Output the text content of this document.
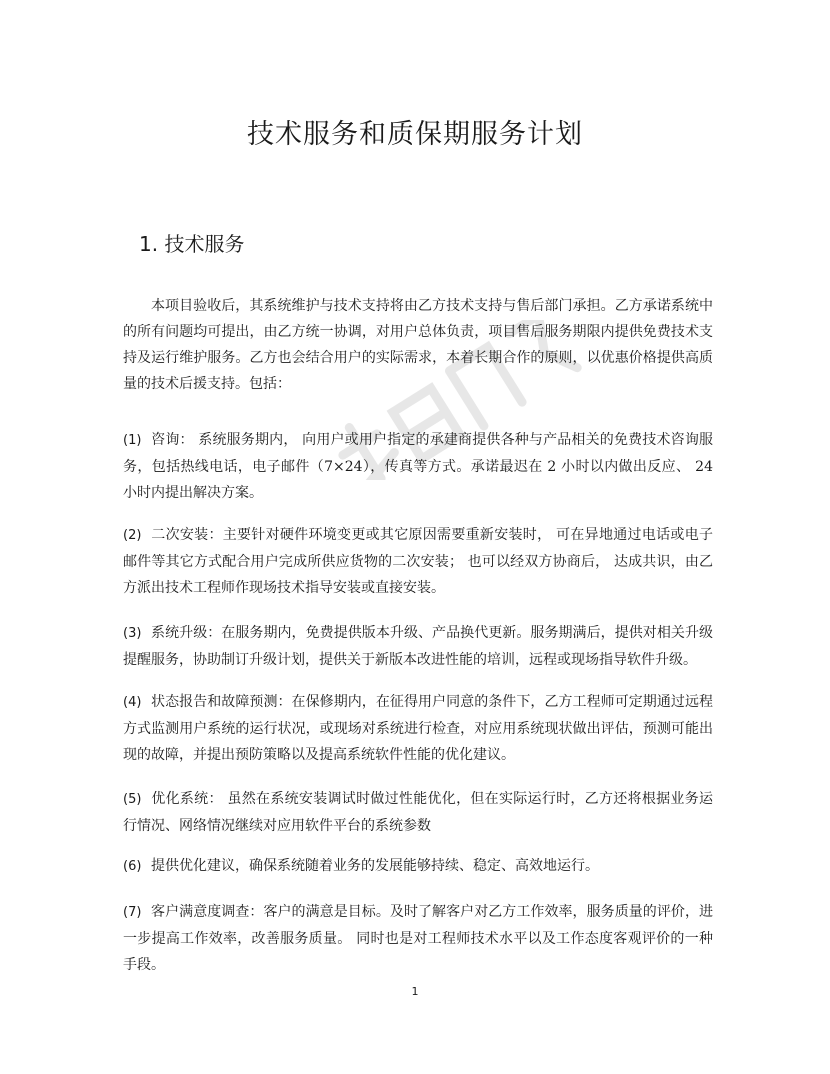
技术服务和质保期服务计划
1. 技术服务
本项目验收后，其系统维护与技术支持将由乙方技术支持与售后部门承担。乙方承诺系统中的所有问题均可提出，由乙方统一协调，对用户总体负责，项目售后服务期限内提供免费技术支持及运行维护服务。乙方也会结合用户的实际需求，本着长期合作的原则，以优惠价格提供高质量的技术后援支持。包括：
(1) 咨询： 系统服务期内， 向用户或用户指定的承建商提供各种与产品相关的免费技术咨询服务，包括热线电话，电子邮件（7×24），传真等方式。承诺最迟在 2 小时以内做出反应、 24 小时内提出解决方案。
(2) 二次安装：主要针对硬件环境变更或其它原因需要重新安装时， 可在异地通过电话或电子邮件等其它方式配合用户完成所供应货物的二次安装； 也可以经双方协商后， 达成共识，由乙方派出技术工程师作现场技术指导安装或直接安装。
(3) 系统升级：在服务期内，免费提供版本升级、产品换代更新。服务期满后，提供对相关升级提醒服务，协助制订升级计划，提供关于新版本改进性能的培训，远程或现场指导软件升级。
(4) 状态报告和故障预测：在保修期内，在征得用户同意的条件下，乙方工程师可定期通过远程方式监测用户系统的运行状况，或现场对系统进行检查，对应用系统现状做出评估，预测可能出现的故障，并提出预防策略以及提高系统软件性能的优化建议。
(5) 优化系统： 虽然在系统安装调试时做过性能优化，但在实际运行时，乙方还将根据业务运行情况、网络情况继续对应用软件平台的系统参数
(6) 提供优化建议，确保系统随着业务的发展能够持续、稳定、高效地运行。
(7) 客户满意度调查：客户的满意是目标。及时了解客户对乙方工作效率，服务质量的评价，进一步提高工作效率，改善服务质量。 同时也是对工程师技术水平以及工作态度客观评价的一种手段。
1
